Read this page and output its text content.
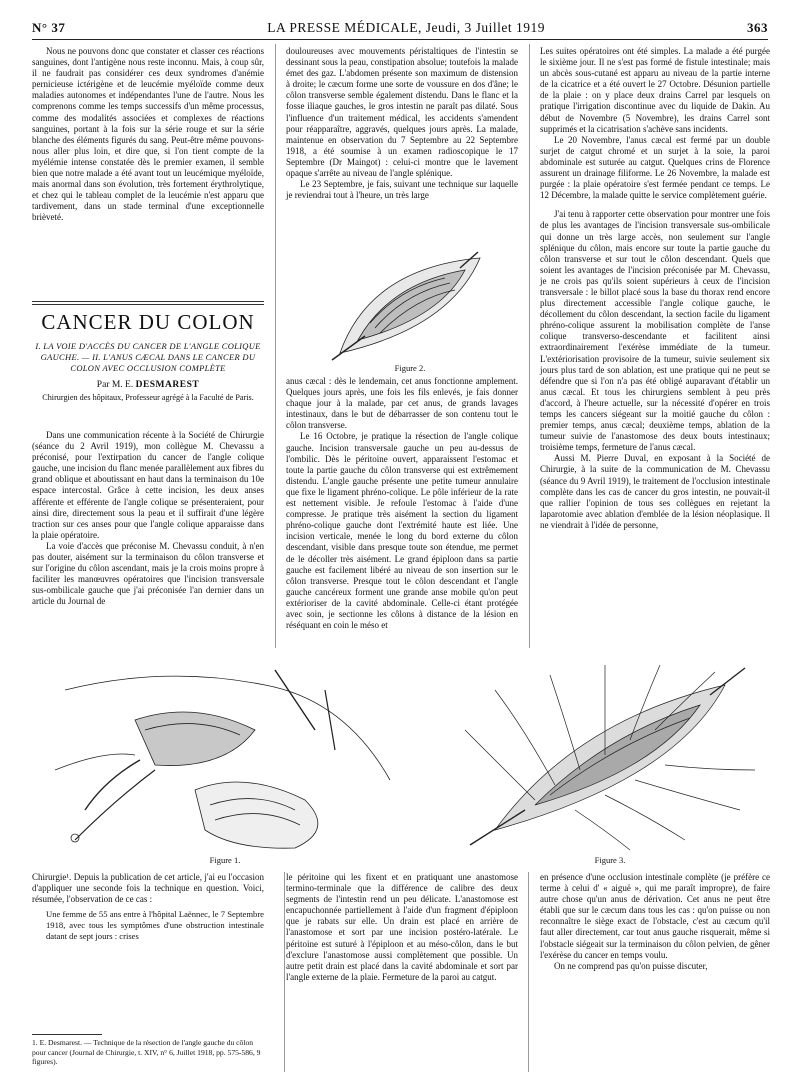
N° 37	LA PRESSE MÉDICALE, Jeudi, 3 Juillet 1919	363

Nous ne pouvons donc que constater et classer ces réactions sanguines, dont l'antigène nous reste inconnu. Mais, à coup sûr, il ne faudrait pas considérer ces deux syndromes d'anémie pernicieuse ictérigène et de leucémie myéloïde comme deux maladies autonomes et indépendantes l'une de l'autre. Nous les comprenons comme les temps successifs d'un même processus, comme des modalités associées et complexes de réactions sanguines, portant à la fois sur la série rouge et sur la série blanche des éléments figurés du sang. Peut-être même pouvons-nous aller plus loin, et dire que, si l'on tient compte de la myélémie intense constatée dès le premier examen, il semble bien que notre malade a été avant tout un leucémique myéloïde, mais anormal dans son évolution, très fortement érythrolytique, et chez qui le tableau complet de la leucémie n'est apparu que tardivement, dans un stade terminal d'une exceptionnelle brièveté.

CANCER DU COLON
I. LA VOIE D'ACCÈS DU CANCER DE L'ANGLE COLIQUE GAUCHE. — II. L'ANUS CÆCAL DANS LE CANCER DU COLON AVEC OCCLUSION COMPLÈTE
Par M. E. DESMAREST
Chirurgien des hôpitaux, Professeur agrégé à la Faculté de Paris.

Dans une communication récente à la Société de Chirurgie (séance du 2 Avril 1919), mon collègue M. Chevassu a préconisé, pour l'extirpation du cancer de l'angle colique gauche, une incision du flanc menée parallèlement aux fibres du grand oblique et aboutissant en haut dans la terminaison du 10e espace intercostal. Grâce à cette incision, les deux anses afférente et efférente de l'angle colique se présenteraient, pour ainsi dire, directement sous la peau et il suffirait d'une légère traction sur ces anses pour que l'angle colique apparaisse dans la plaie opératoire.

La voie d'accès que préconise M. Chevassu conduit, à n'en pas douter, aisément sur la terminaison du côlon transverse et sur l'origine du côlon ascendant, mais je la crois moins propre à faciliter les manœuvres opératoires que l'incision transversale sus-ombilicale gauche que j'ai préconisée l'an dernier dans un article du Journal de

douloureuses avec mouvements péristaltiques de l'intestin se dessinant sous la peau, constipation absolue; toutefois la malade émet des gaz. L'abdomen présente son maximum de distension à droite; le cæcum forme une sorte de voussure en dos d'âne; le côlon transverse semble également distendu. Dans le flanc et la fosse iliaque gauches, le gros intestin ne paraît pas dilaté. Sous l'influence d'un traitement médical, les accidents s'amendent pour réapparaître, aggravés, quelques jours après. La malade, maintenue en observation du 7 Septembre au 22 Septembre 1918, a été soumise à un examen radioscopique le 17 Septembre (Dr Maingot) : celui-ci montre que le lavement opaque s'arrête au niveau de l'angle splénique.

Le 23 Septembre, je fais, suivant une technique sur laquelle je reviendrai tout à l'heure, un très large

Figure 2.

anus cæcal : dès le lendemain, cet anus fonctionne amplement. Quelques jours après, une fois les fils enlevés, je fais donner chaque jour à la malade, par cet anus, de grands lavages intestinaux, dans le but de débarrasser de son contenu tout le côlon transverse.

Le 16 Octobre, je pratique la résection de l'angle colique gauche. Incision transversale gauche un peu au-dessus de l'ombilic. Dès le péritoine ouvert, apparaissent l'estomac et toute la partie gauche du côlon transverse qui est extrêmement distendu. L'angle gauche présente une petite tumeur annulaire que fixe le ligament phréno-colique. Le pôle inférieur de la rate est nettement visible. Je refoule l'estomac à l'aide d'une compresse. Je pratique très aisément la section du ligament phréno-colique gauche dont l'extrémité haute est liée. Une incision verticale, menée le long du bord externe du côlon descendant, visible dans presque toute son étendue, me permet de le décoller très aisément. Le grand épiploon dans sa partie gauche est facilement libéré au niveau de son insertion sur le côlon transverse. Presque tout le côlon descendant et l'angle gauche cancéreux forment une grande anse mobile qu'on peut extérioriser de la cavité abdominale. Celle-ci étant protégée avec soin, je sectionne les côlons à distance de la lésion en réséquant en coin le méso et

Les suites opératoires ont été simples. La malade a été purgée le sixième jour. Il ne s'est pas formé de fistule intestinale; mais un abcès sous-cutané est apparu au niveau de la partie interne de la cicatrice et a été ouvert le 27 Octobre. Désunion partielle de la plaie : on y place deux drains Carrel par lesquels on pratique l'irrigation discontinue avec du liquide de Dakin. Au début de Novembre (5 Novembre), les drains Carrel sont supprimés et la cicatrisation s'achève sans incidents.

Le 20 Novembre, l'anus cæcal est fermé par un double surjet de catgut chromé et un surjet à la soie, la paroi abdominale est suturée au catgut. Quelques crins de Florence assurent un drainage filiforme. Le 26 Novembre, la malade est purgée : la plaie opératoire s'est fermée pendant ce temps. Le 12 Décembre, la malade quitte le service complètement guérie.

J'ai tenu à rapporter cette observation pour montrer une fois de plus les avantages de l'incision transversale sus-ombilicale qui donne un très large accès, non seulement sur l'angle splénique du côlon, mais encore sur toute la partie gauche du côlon transverse et sur tout le côlon descendant. Quels que soient les avantages de l'incision préconisée par M. Chevassu, je ne crois pas qu'ils soient supérieurs à ceux de l'incision transversale : le billot placé sous la base du thorax rend encore plus directement accessible l'angle colique gauche, le décollement du côlon descendant, la section facile du ligament phréno-colique assurent la mobilisation complète de l'anse colique transverso-descendante et facilitent ainsi extraordinairement l'exérèse immédiate de la tumeur. L'extériorisation provisoire de la tumeur, suivie seulement six jours plus tard de son ablation, est une pratique qui ne peut se défendre que si l'on n'a pas été obligé auparavant d'établir un anus cæcal. Et tous les chirurgiens semblent à peu près d'accord, à l'heure actuelle, sur la nécessité d'opérer en trois temps les cancers siégeant sur la moitié gauche du côlon : premier temps, anus cæcal; deuxième temps, ablation de la tumeur suivie de l'anastomose des deux bouts intestinaux; troisième temps, fermeture de l'anus cæcal.

Aussi M. Pierre Duval, en exposant à la Société de Chirurgie, à la suite de la communication de M. Chevassu (séance du 9 Avril 1919), le traitement de l'occlusion intestinale complète dans les cas de cancer du gros intestin, ne pouvait-il que rallier l'opinion de tous ses collègues en rejetant la laparotomie avec ablation d'emblée de la lésion néoplasique. Il ne viendrait à l'idée de personne,

Figure 1.	Figure 3.

Chirurgie¹. Depuis la publication de cet article, j'ai eu l'occasion d'appliquer une seconde fois la technique en question. Voici, résumée, l'observation de ce cas :

Une femme de 55 ans entre à l'hôpital Laënnec, le 7 Septembre 1918, avec tous les symptômes d'une obstruction intestinale datant de sept jours : crises

1. E. Desmarest. — Technique de la résection de l'angle gauche du côlon pour cancer (Journal de Chirurgie, t. XIV, n° 6, Juillet 1918, pp. 575-586, 9 figures).

le péritoine qui les fixent et en pratiquant une anastomose termino-terminale que la différence de calibre des deux segments de l'intestin rend un peu délicate. L'anastomose est encapuchonnée partiellement à l'aide d'un fragment d'épiploon que je rabats sur elle. Un drain est placé en arrière de l'anastomose et sort par une incision postéro-latérale. Le péritoine est suturé à l'épiploon et au méso-côlon, dans le but d'exclure l'anastomose aussi complètement que possible. Un autre petit drain est placé dans la cavité abdominale et sort par l'angle externe de la plaie. Fermeture de la paroi au catgut.

en présence d'une occlusion intestinale complète (je préfère ce terme à celui d' « aiguë », qui me paraît impropre), de faire autre chose qu'un anus de dérivation. Cet anus ne peut être établi que sur le cæcum dans tous les cas : qu'on puisse ou non reconnaître le siège exact de l'obstacle, c'est au cæcum qu'il faut aller directement, car tout anus gauche risquerait, même si l'obstacle siégeait sur la terminaison du côlon pelvien, de gêner l'exérèse du cancer en temps voulu.

On ne comprend pas qu'on puisse discuter,
